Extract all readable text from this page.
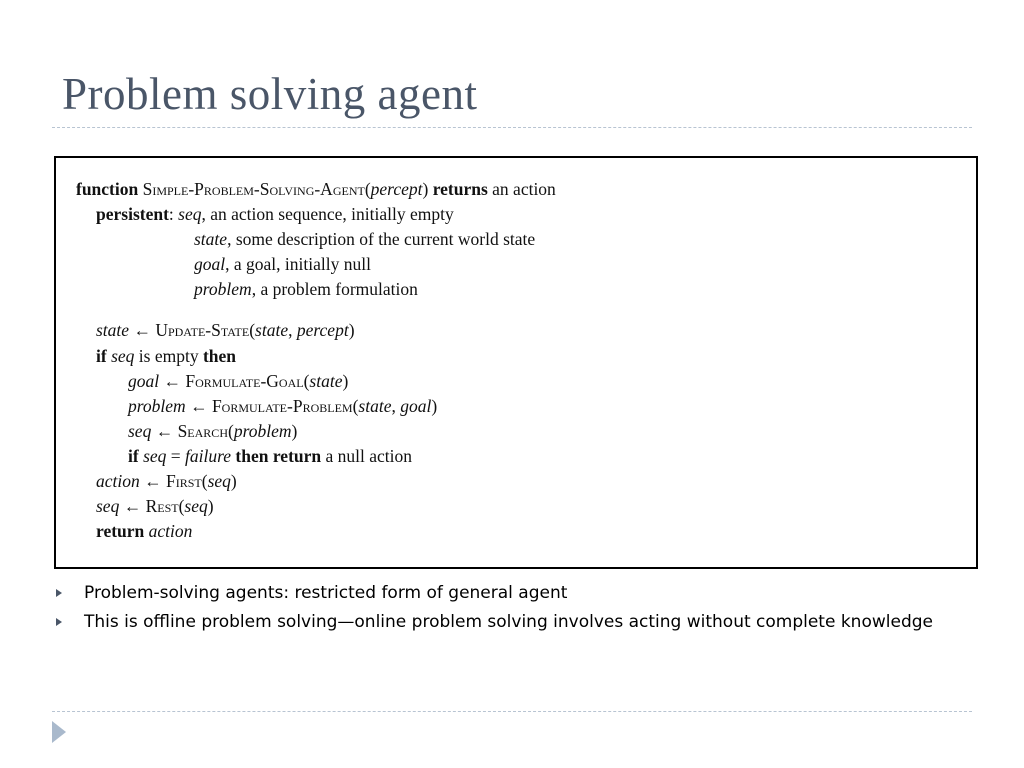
Problem solving agent
function Simple-Problem-Solving-Agent(percept) returns an action
persistent: seq, an action sequence, initially empty
state, some description of the current world state
goal, a goal, initially null
problem, a problem formulation
state ← Update-State(state, percept)
if seq is empty then
goal ← Formulate-Goal(state)
problem ← Formulate-Problem(state, goal)
seq ← Search(problem)
if seq = failure then return a null action
action ← First(seq)
seq ← Rest(seq)
return action
Problem-solving agents: restricted form of general agent
This is offline problem solving—online problem solving involves acting without complete knowledge
